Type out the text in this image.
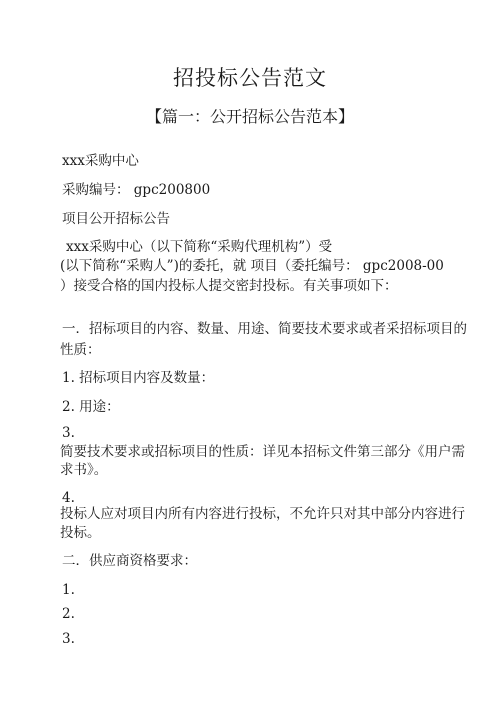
招投标公告范文
【篇一：公开招标公告范本】
xxx采购中心
采购编号： gpc200800
项目公开招标公告
xxx采购中心（以下简称“采购代理机构”）受
(以下简称“采购人”)的委托，就 项目（委托编号： gpc2008-00
）接受合格的国内投标人提交密封投标。有关事项如下：
一．招标项目的内容、数量、用途、简要技术要求或者采招标项目的
性质：
1. 招标项目内容及数量：
2. 用途：
3.
简要技术要求或招标项目的性质：详见本招标文件第三部分《用户需
求书》。
4.
投标人应对项目内所有内容进行投标，不允许只对其中部分内容进行
投标。
二．供应商资格要求：
1.
2.
3.
